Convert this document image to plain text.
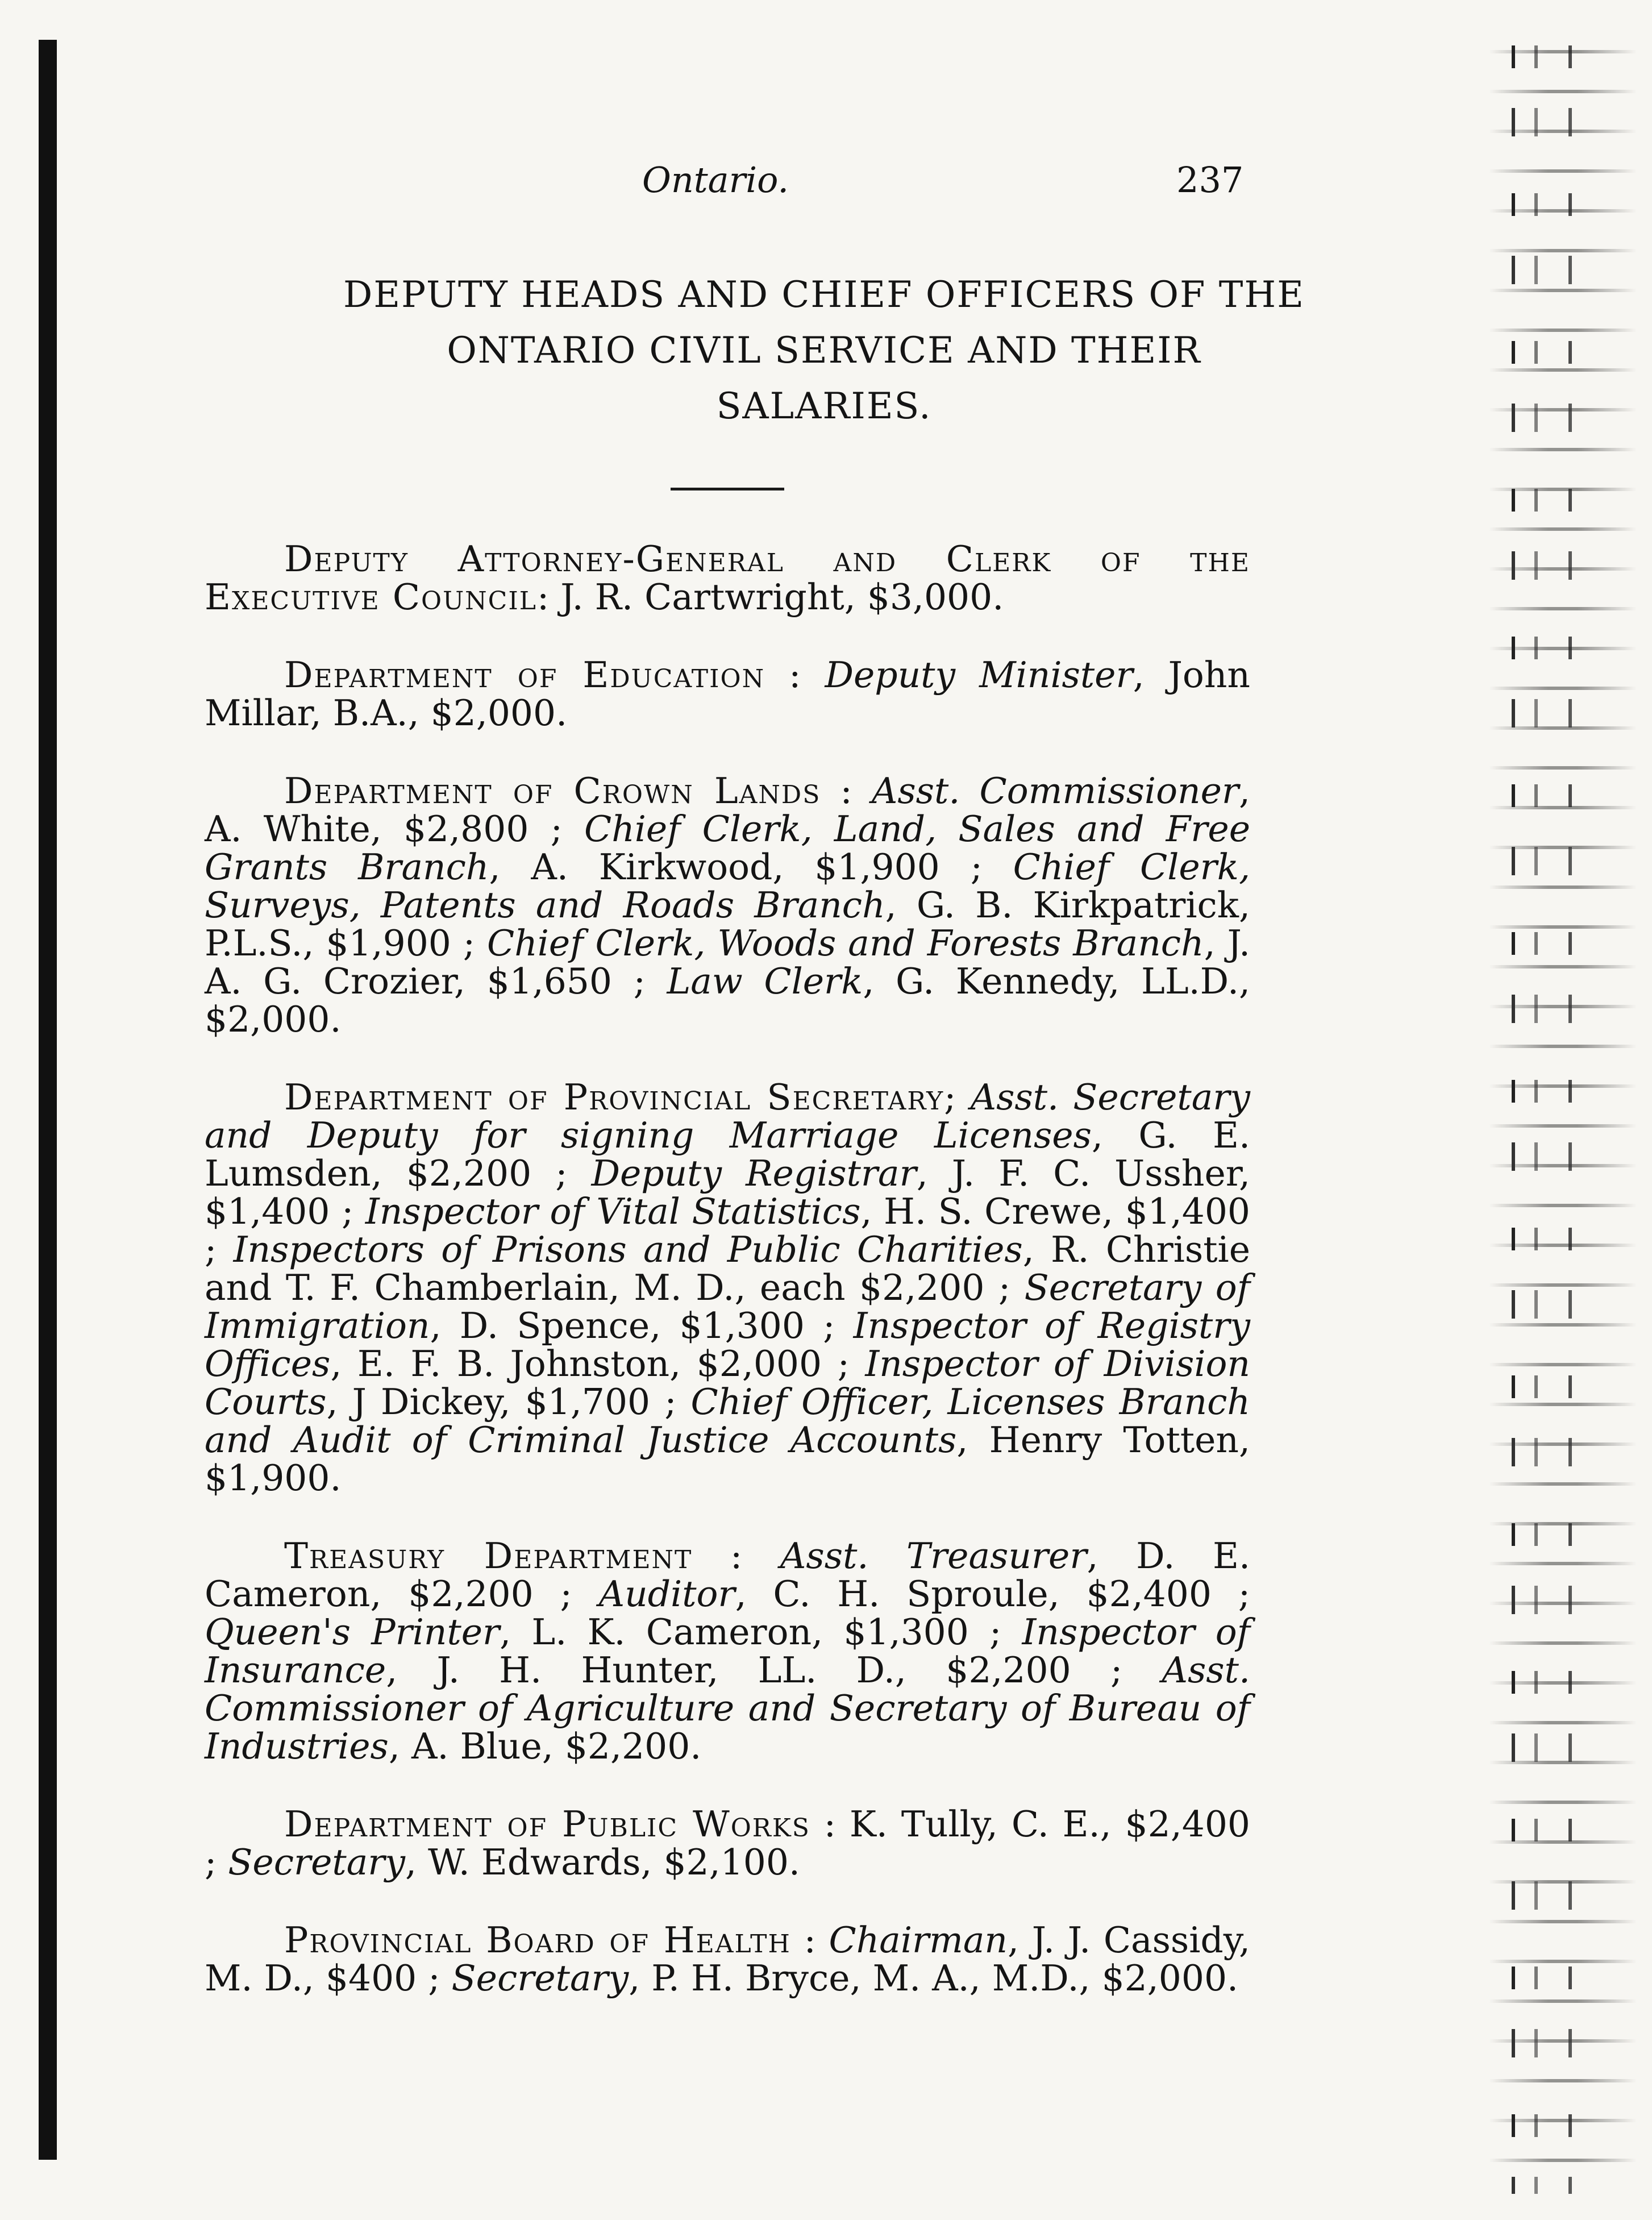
Ontario.	237
DEPUTY HEADS AND CHIEF OFFICERS OF THE
ONTARIO CIVIL SERVICE AND THEIR
SALARIES.

Deputy Attorney-General and Clerk of the Executive Council: J. R. Cartwright, $3,000.

Department of Education : Deputy Minister, John Millar, B.A., $2,000.

Department of Crown Lands : Asst. Commissioner, A. White, $2,800 ; Chief Clerk, Land, Sales and Free Grants Branch, A. Kirkwood, $1,900 ; Chief Clerk, Surveys, Patents and Roads Branch, G. B. Kirkpatrick, P.L.S., $1,900 ; Chief Clerk, Woods and Forests Branch, J. A. G. Crozier, $1,650 ; Law Clerk, G. Kennedy, LL.D., $2,000.

Department of Provincial Secretary; Asst. Secretary and Deputy for signing Marriage Licenses, G. E. Lumsden, $2,200 ; Deputy Registrar, J. F. C. Ussher, $1,400 ; Inspector of Vital Statistics, H. S. Crewe, $1,400 ; Inspectors of Prisons and Public Charities, R. Christie and T. F. Chamberlain, M. D., each $2,200 ; Secretary of Immigration, D. Spence, $1,300 ; Inspector of Registry Offices, E. F. B. Johnston, $2,000 ; Inspector of Division Courts, J Dickey, $1,700 ; Chief Officer, Licenses Branch and Audit of Criminal Justice Accounts, Henry Totten, $1,900.

Treasury Department : Asst. Treasurer, D. E. Cameron, $2,200 ; Auditor, C. H. Sproule, $2,400 ; Queen's Printer, L. K. Cameron, $1,300 ; Inspector of Insurance, J. H. Hunter, LL. D., $2,200 ; Asst. Commissioner of Agriculture and Secretary of Bureau of Industries, A. Blue, $2,200.

Department of Public Works : K. Tully, C. E., $2,400 ; Secretary, W. Edwards, $2,100.

Provincial Board of Health : Chairman, J. J. Cassidy, M. D., $400 ; Secretary, P. H. Bryce, M. A., M.D., $2,000.
